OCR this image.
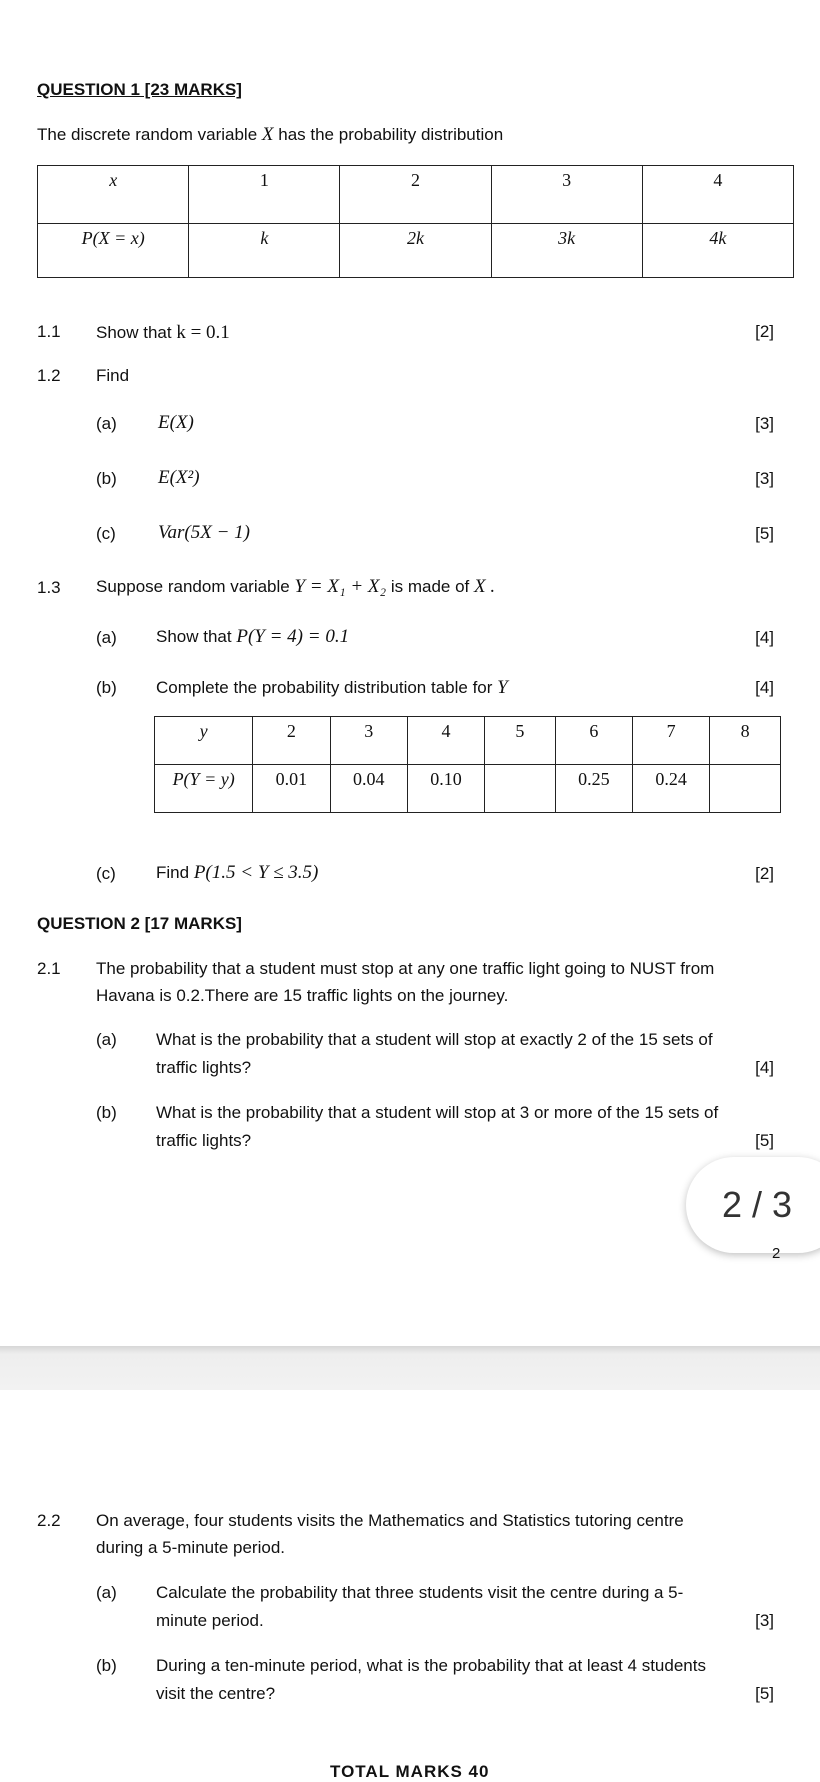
QUESTION 1 [23 MARKS]
The discrete random variable X has the probability distribution
x	1	2	3	4
P(X = x)	k	2k	3k	4k
1.1 Show that k = 0.1	[2]
1.2 Find
(a) E(X)	[3]
(b) E(X²)	[3]
(c) Var(5X − 1)	[5]
1.3 Suppose random variable Y = X₁ + X₂ is made of X .
(a) Show that P(Y = 4) = 0.1	[4]
(b) Complete the probability distribution table for Y	[4]
y	2	3	4	5	6	7	8
P(Y = y)	0.01	0.04	0.10		0.25	0.24	
(c) Find P(1.5 < Y ≤ 3.5)	[2]
QUESTION 2 [17 MARKS]
2.1 The probability that a student must stop at any one traffic light going to NUST from
Havana is 0.2.There are 15 traffic lights on the journey.
(a) What is the probability that a student will stop at exactly 2 of the 15 sets of
traffic lights?	[4]
(b) What is the probability that a student will stop at 3 or more of the 15 sets of
traffic lights?	[5]
2 / 3
2
2.2 On average, four students visits the Mathematics and Statistics tutoring centre
during a 5-minute period.
(a) Calculate the probability that three students visit the centre during a 5-
minute period.	[3]
(b) During a ten-minute period, what is the probability that at least 4 students
visit the centre?	[5]
TOTAL MARKS 40
